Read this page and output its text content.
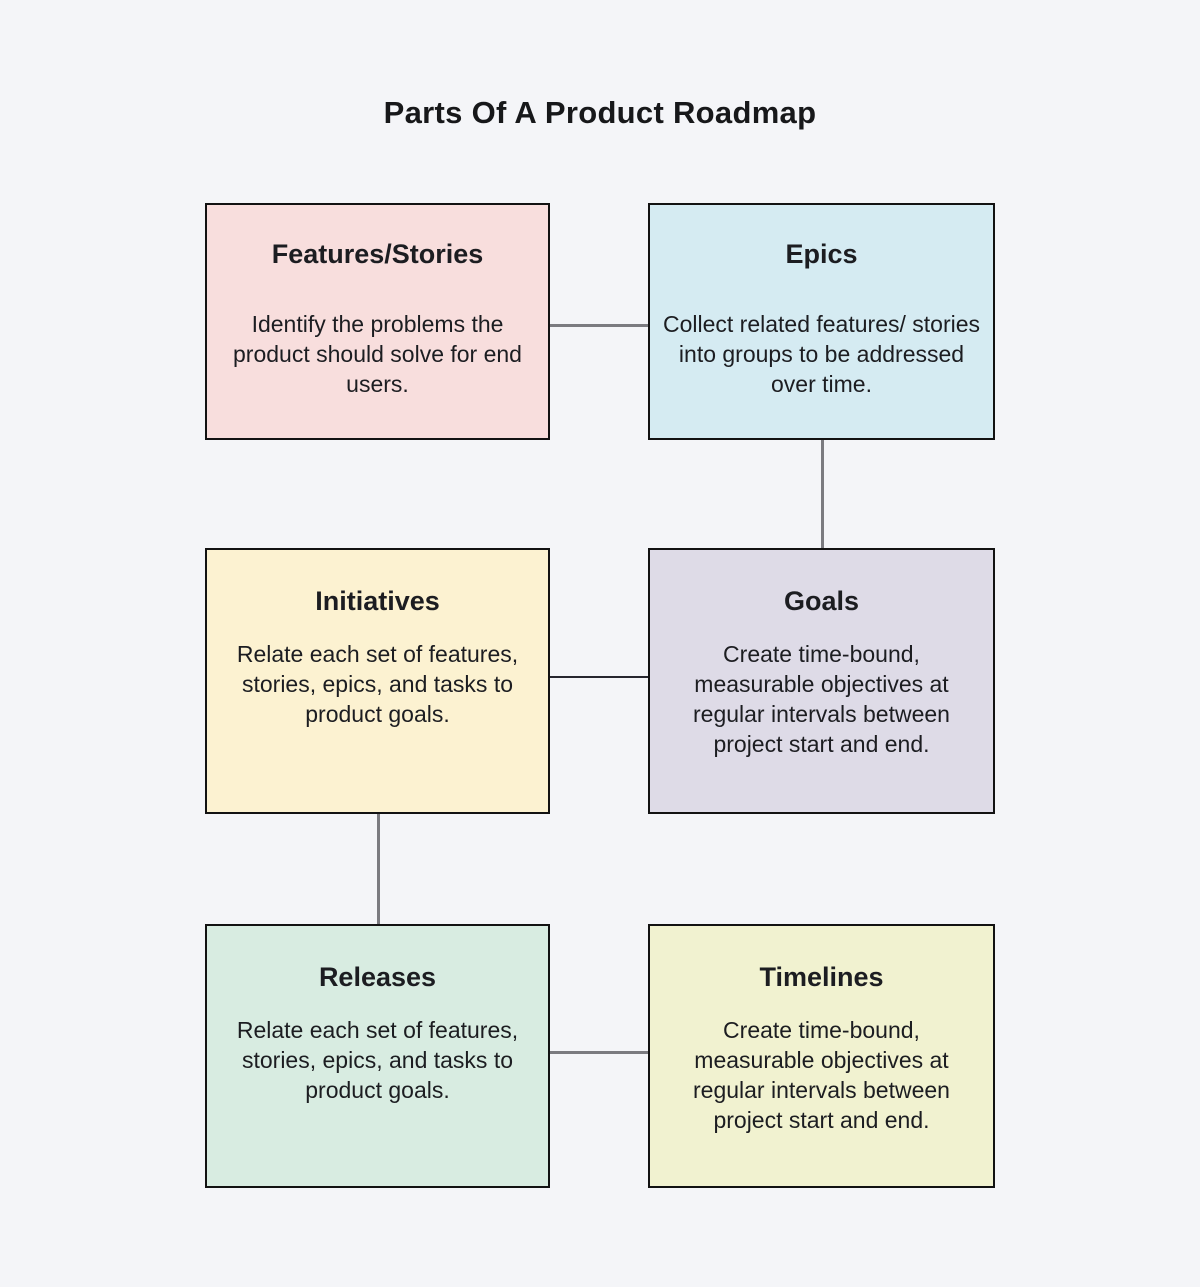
Parts Of A Product Roadmap
Features/Stories

Identify the problems the product should solve for end users.

Epics

Collect related features/ stories into groups to be addressed over time.

Initiatives

Relate each set of features, stories, epics, and tasks to product goals.

Goals

Create time-bound, measurable objectives at regular intervals between project start and end.

Releases

Relate each set of features, stories, epics, and tasks to product goals.

Timelines

Create time-bound, measurable objectives at regular intervals between project start and end.
